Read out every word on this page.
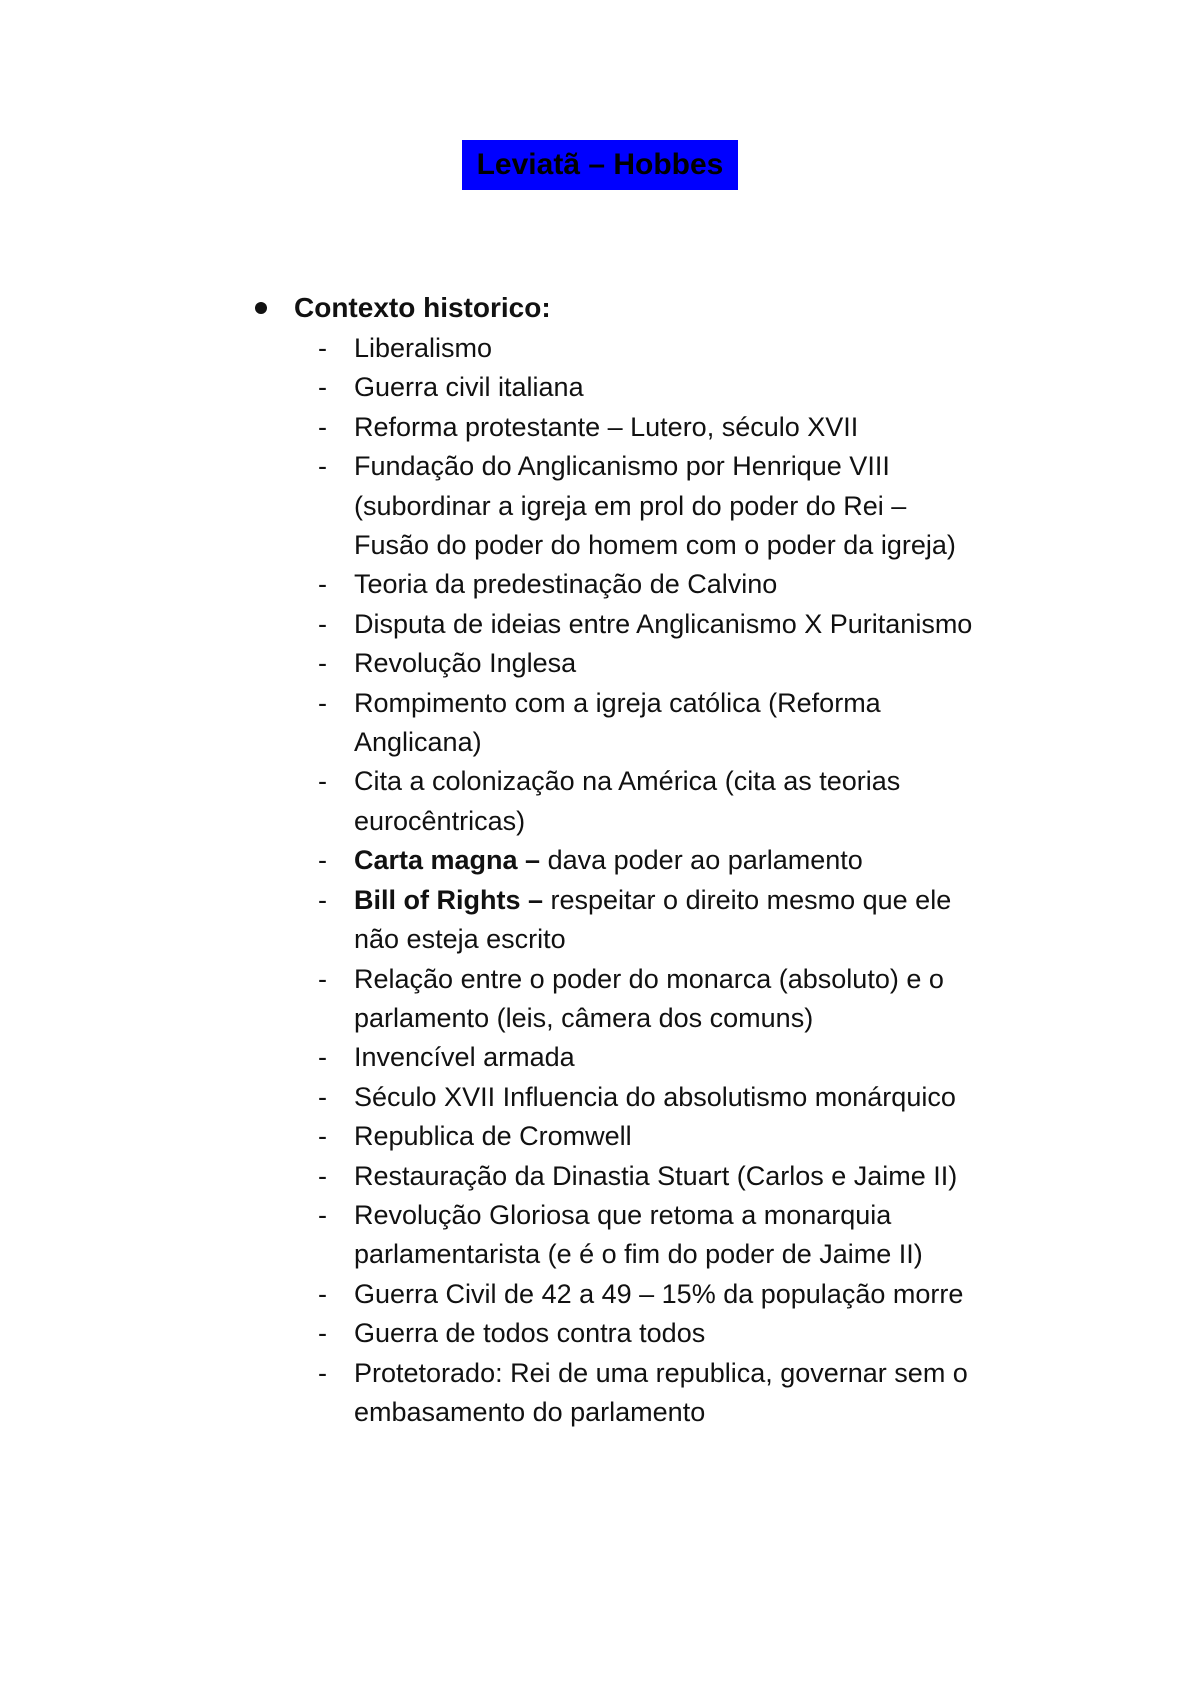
Leviatã – Hobbes
Contexto historico:
- Liberalismo
- Guerra civil italiana
- Reforma protestante – Lutero, século XVII
- Fundação do Anglicanismo por Henrique VIII
(subordinar a igreja em prol do poder do Rei –
Fusão do poder do homem com o poder da igreja)
- Teoria da predestinação de Calvino
- Disputa de ideias entre Anglicanismo X Puritanismo
- Revolução Inglesa
- Rompimento com a igreja católica (Reforma
Anglicana)
- Cita a colonização na América (cita as teorias
eurocêntricas)
- Carta magna – dava poder ao parlamento
- Bill of Rights – respeitar o direito mesmo que ele
não esteja escrito
- Relação entre o poder do monarca (absoluto) e o
parlamento (leis, câmera dos comuns)
- Invencível armada
- Século XVII Influencia do absolutismo monárquico
- Republica de Cromwell
- Restauração da Dinastia Stuart (Carlos e Jaime II)
- Revolução Gloriosa que retoma a monarquia
parlamentarista (e é o fim do poder de Jaime II)
- Guerra Civil de 42 a 49 – 15% da população morre
- Guerra de todos contra todos
- Protetorado: Rei de uma republica, governar sem o
embasamento do parlamento
